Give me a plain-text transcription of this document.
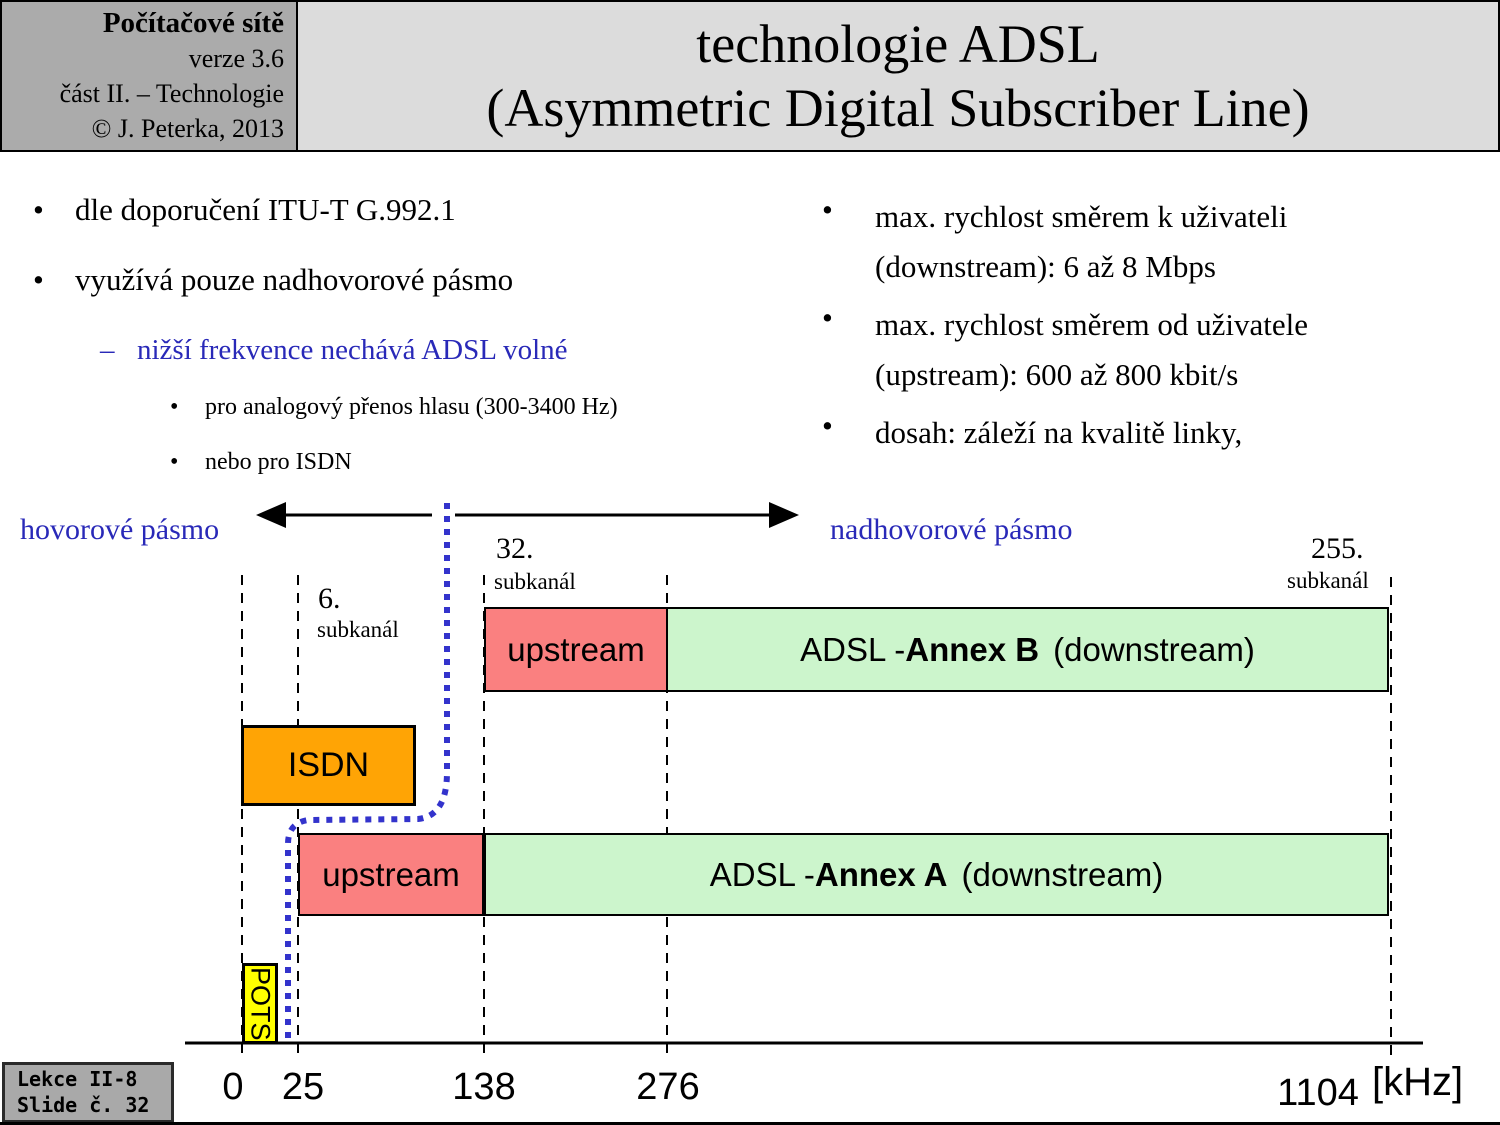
Počítačové sítě
verze 3.6
část II. – Technologie
© J. Peterka, 2013
technologie ADSL
(Asymmetric Digital Subscriber Line)
• dle doporučení ITU-T G.992.1
• využívá pouze nadhovorové pásmo
– nižší frekvence nechává ADSL volné
• pro analogový přenos hlasu (300-3400 Hz)
• nebo pro ISDN
• max. rychlost směrem k uživateli
(downstream): 6 až 8 Mbps
• max. rychlost směrem od uživatele
(upstream): 600 až 800 kbit/s
• dosah: záleží na kvalitě linky,
hovorové pásmo	nadhovorové pásmo
6.
subkanál
32.
subkanál
255.
subkanál
upstream	ADSL - Annex B (downstream)
ISDN
upstream	ADSL - Annex A (downstream)
POTS
0 25	138	276	1104 [kHz]
Lekce II-8
Slide č. 32
